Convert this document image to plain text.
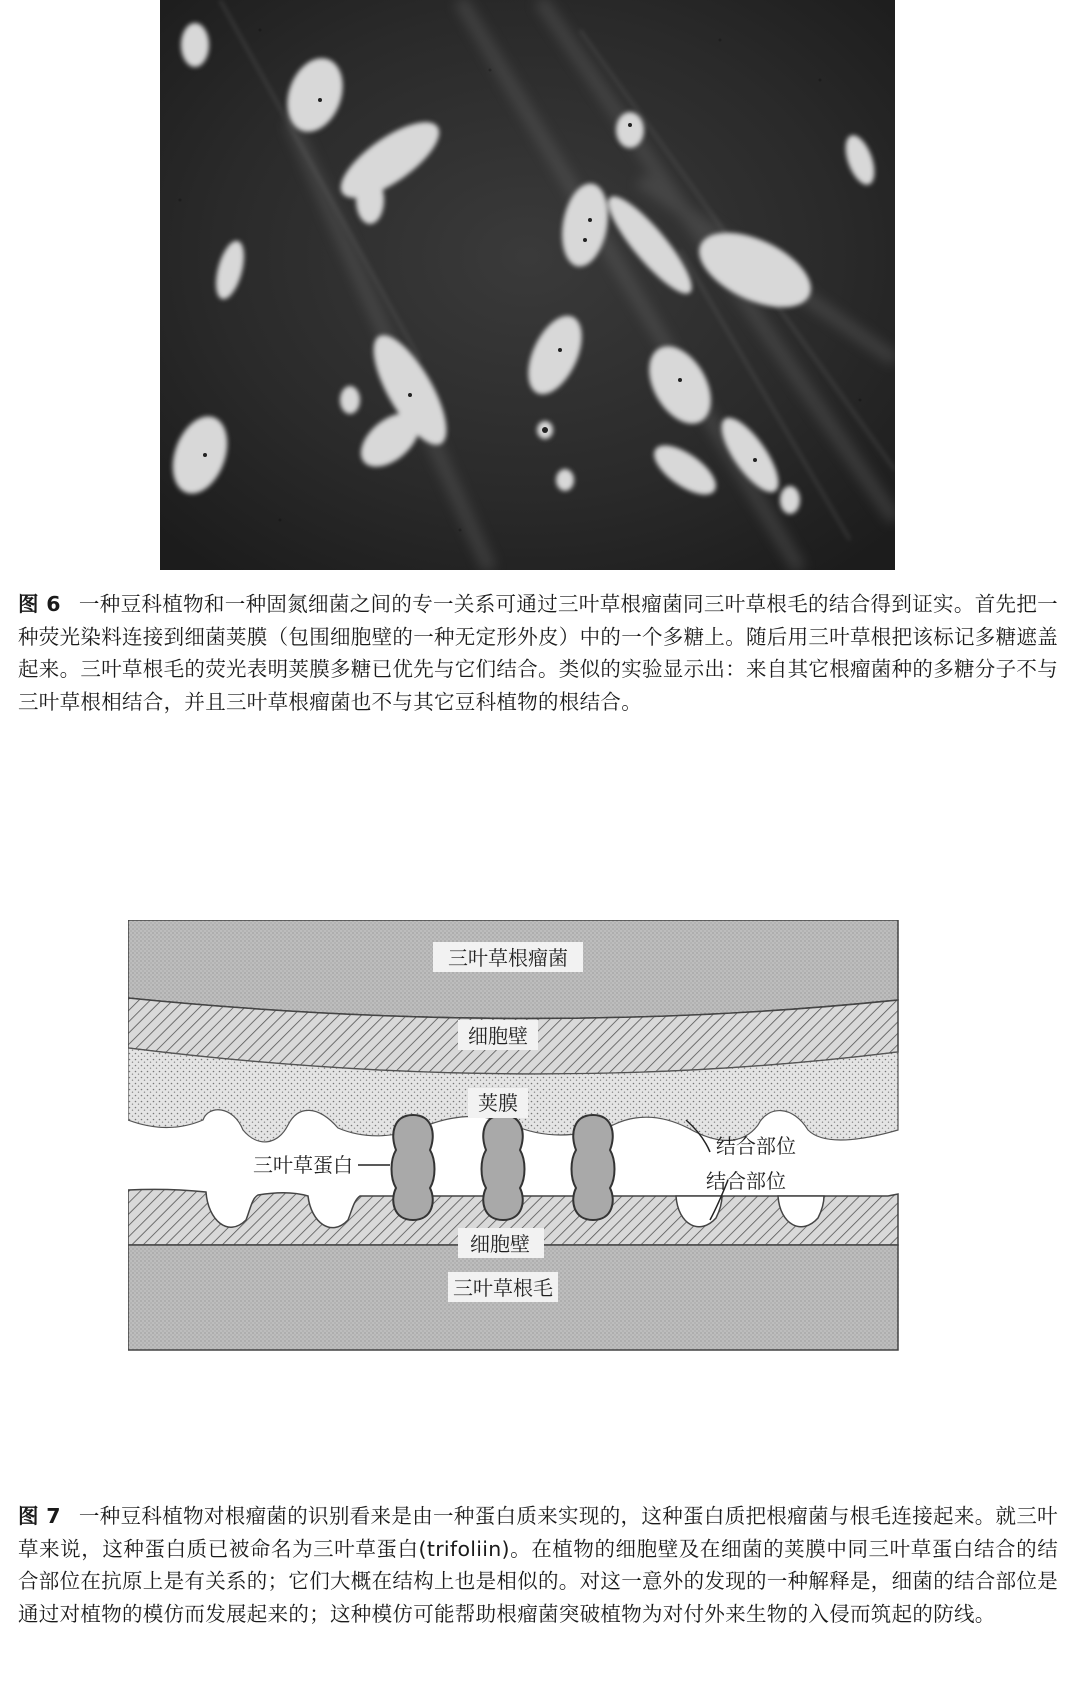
图 6 一种豆科植物和一种固氮细菌之间的专一关系可通过三叶草根瘤菌同三叶草根毛的结合得到证实。首先把一种荧光染料连接到细菌荚膜（包围细胞壁的一种无定形外皮）中的一个多糖上。随后用三叶草根把该标记多糖遮盖起来。三叶草根毛的荧光表明荚膜多糖已优先与它们结合。类似的实验显示出：来自其它根瘤菌种的多糖分子不与三叶草根相结合，并且三叶草根瘤菌也不与其它豆科植物的根结合。
三叶草根瘤菌
细胞壁
荚膜
三叶草蛋白
结合部位
结合部位
细胞壁
三叶草根毛
图 7 一种豆科植物对根瘤菌的识别看来是由一种蛋白质来实现的，这种蛋白质把根瘤菌与根毛连接起来。就三叶草来说，这种蛋白质已被命名为三叶草蛋白(trifoliin)。在植物的细胞壁及在细菌的荚膜中同三叶草蛋白结合的结合部位在抗原上是有关系的；它们大概在结构上也是相似的。对这一意外的发现的一种解释是，细菌的结合部位是通过对植物的模仿而发展起来的；这种模仿可能帮助根瘤菌突破植物为对付外来生物的入侵而筑起的防线。
